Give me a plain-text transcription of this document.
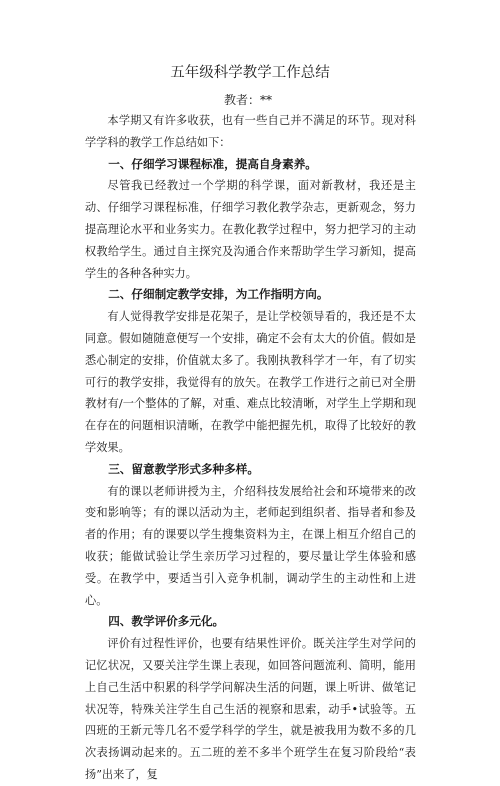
五年级科学教学工作总结
教者：**

本学期又有许多收获，也有一些自己并不满足的环节。现对科学学科的教学工作总结如下：

一、仔细学习课程标准，提高自身素养。

尽管我已经教过一个学期的科学课，面对新教材，我还是主动、仔细学习课程标准，仔细学习教化教学杂志，更新观念，努力提高理论水平和业务实力。在教化教学过程中，努力把学习的主动权教给学生。通过自主探究及沟通合作来帮助学生学习新知，提高学生的各种各种实力。

二、仔细制定教学安排，为工作指明方向。

有人觉得教学安排是花架子，是让学校领导看的，我还是不太同意。假如随随意便写一个安排，确定不会有太大的价值。假如是悉心制定的安排，价值就太多了。我刚执教科学才一年，有了切实可行的教学安排，我觉得有的放矢。在教学工作进行之前已对全册教材有/一个整体的了解，对重、难点比较清晰，对学生上学期和现在存在的问题相识清晰，在教学中能把握先机，取得了比较好的教学效果。

三、留意教学形式多种多样。

有的课以老师讲授为主，介绍科技发展给社会和环境带来的改变和影响等；有的课以活动为主，老师起到组织者、指导者和参及者的作用；有的课要以学生搜集资料为主，在课上相互介绍自己的收获；能做试验让学生亲历学习过程的，要尽量让学生体验和感受。在教学中，要适当引入竞争机制，调动学生的主动性和上进心。

四、教学评价多元化。

评价有过程性评价，也要有结果性评价。既关注学生对学问的记忆状况，又要关注学生课上表现，如回答问题流利、简明，能用上自己生活中积累的科学学问解决生活的问题，课上听讲、做笔记状况等，特殊关注学生自己生活的视察和思索，动手•试验等。五四班的王新元等几名不爱学科学的学生，就是被我用为数不多的几次表扬调动起来的。五二班的差不多半个班学生在复习阶段给“表扬”出来了，复
